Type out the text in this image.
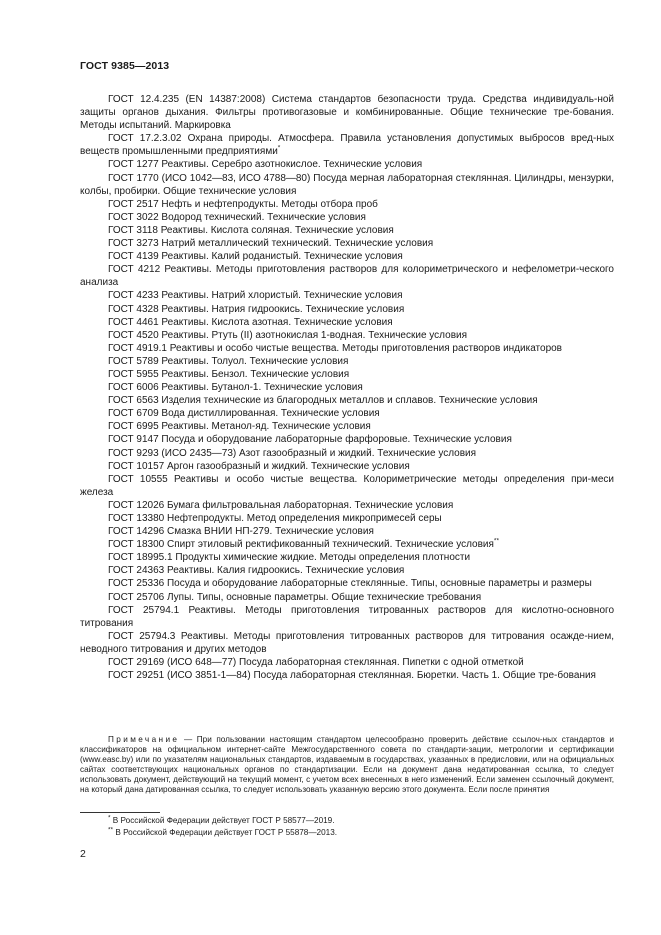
ГОСТ 9385—2013

ГОСТ 12.4.235 (EN 14387:2008) Система стандартов безопасности труда. Средства индивидуаль-ной защиты органов дыхания. Фильтры противогазовые и комбинированные. Общие технические тре-бования. Методы испытаний. Маркировка

ГОСТ 17.2.3.02 Охрана природы. Атмосфера. Правила установления допустимых выбросов вред-ных веществ промышленными предприятиями*

ГОСТ 1277 Реактивы. Серебро азотнокислое. Технические условия

ГОСТ 1770 (ИСО 1042—83, ИСО 4788—80) Посуда мерная лабораторная стеклянная. Цилиндры, мензурки, колбы, пробирки. Общие технические условия

ГОСТ 2517 Нефть и нефтепродукты. Методы отбора проб

ГОСТ 3022 Водород технический. Технические условия

ГОСТ 3118 Реактивы. Кислота соляная. Технические условия

ГОСТ 3273 Натрий металлический технический. Технические условия

ГОСТ 4139 Реактивы. Калий роданистый. Технические условия

ГОСТ 4212 Реактивы. Методы приготовления растворов для колориметрического и нефелометри-ческого анализа

ГОСТ 4233 Реактивы. Натрий хлористый. Технические условия

ГОСТ 4328 Реактивы. Натрия гидроокись. Технические условия

ГОСТ 4461 Реактивы. Кислота азотная. Технические условия

ГОСТ 4520 Реактивы. Ртуть (II) азотнокислая 1-водная. Технические условия

ГОСТ 4919.1 Реактивы и особо чистые вещества. Методы приготовления растворов индикаторов

ГОСТ 5789 Реактивы. Толуол. Технические условия

ГОСТ 5955 Реактивы. Бензол. Технические условия

ГОСТ 6006 Реактивы. Бутанол-1. Технические условия

ГОСТ 6563 Изделия технические из благородных металлов и сплавов. Технические условия

ГОСТ 6709 Вода дистиллированная. Технические условия

ГОСТ 6995 Реактивы. Метанол-яд. Технические условия

ГОСТ 9147 Посуда и оборудование лабораторные фарфоровые. Технические условия

ГОСТ 9293 (ИСО 2435—73) Азот газообразный и жидкий. Технические условия

ГОСТ 10157 Аргон газообразный и жидкий. Технические условия

ГОСТ 10555 Реактивы и особо чистые вещества. Колориметрические методы определения при-меси железа

ГОСТ 12026 Бумага фильтровальная лабораторная. Технические условия

ГОСТ 13380 Нефтепродукты. Метод определения микропримесей серы

ГОСТ 14296 Смазка ВНИИ НП-279. Технические условия

ГОСТ 18300 Спирт этиловый ректификованный технический. Технические условия**

ГОСТ 18995.1 Продукты химические жидкие. Методы определения плотности

ГОСТ 24363 Реактивы. Калия гидроокись. Технические условия

ГОСТ 25336 Посуда и оборудование лабораторные стеклянные. Типы, основные параметры и размеры

ГОСТ 25706 Лупы. Типы, основные параметры. Общие технические требования

ГОСТ 25794.1 Реактивы. Методы приготовления титрованных растворов для кислотно-основного титрования

ГОСТ 25794.3 Реактивы. Методы приготовления титрованных растворов для титрования осажде-нием, неводного титрования и других методов

ГОСТ 29169 (ИСО 648—77) Посуда лабораторная стеклянная. Пипетки с одной отметкой

ГОСТ 29251 (ИСО 3851-1—84) Посуда лабораторная стеклянная. Бюретки. Часть 1. Общие тре-бования

Примечание — При пользовании настоящим стандартом целесообразно проверить действие ссылоч-ных стандартов и классификаторов на официальном интернет-сайте Межгосударственного совета по стандарти-зации, метрологии и сертификации (www.easc.by) или по указателям национальных стандартов, издаваемым в государствах, указанных в предисловии, или на официальных сайтах соответствующих национальных органов по стандартизации. Если на документ дана недатированная ссылка, то следует использовать документ, действующий на текущий момент, с учетом всех внесенных в него изменений. Если заменен ссылочный документ, на который дана датированная ссылка, то следует использовать указанную версию этого документа. Если после принятия

* В Российской Федерации действует ГОСТ Р 58577—2019.

** В Российской Федерации действует ГОСТ Р 55878—2013.

2
